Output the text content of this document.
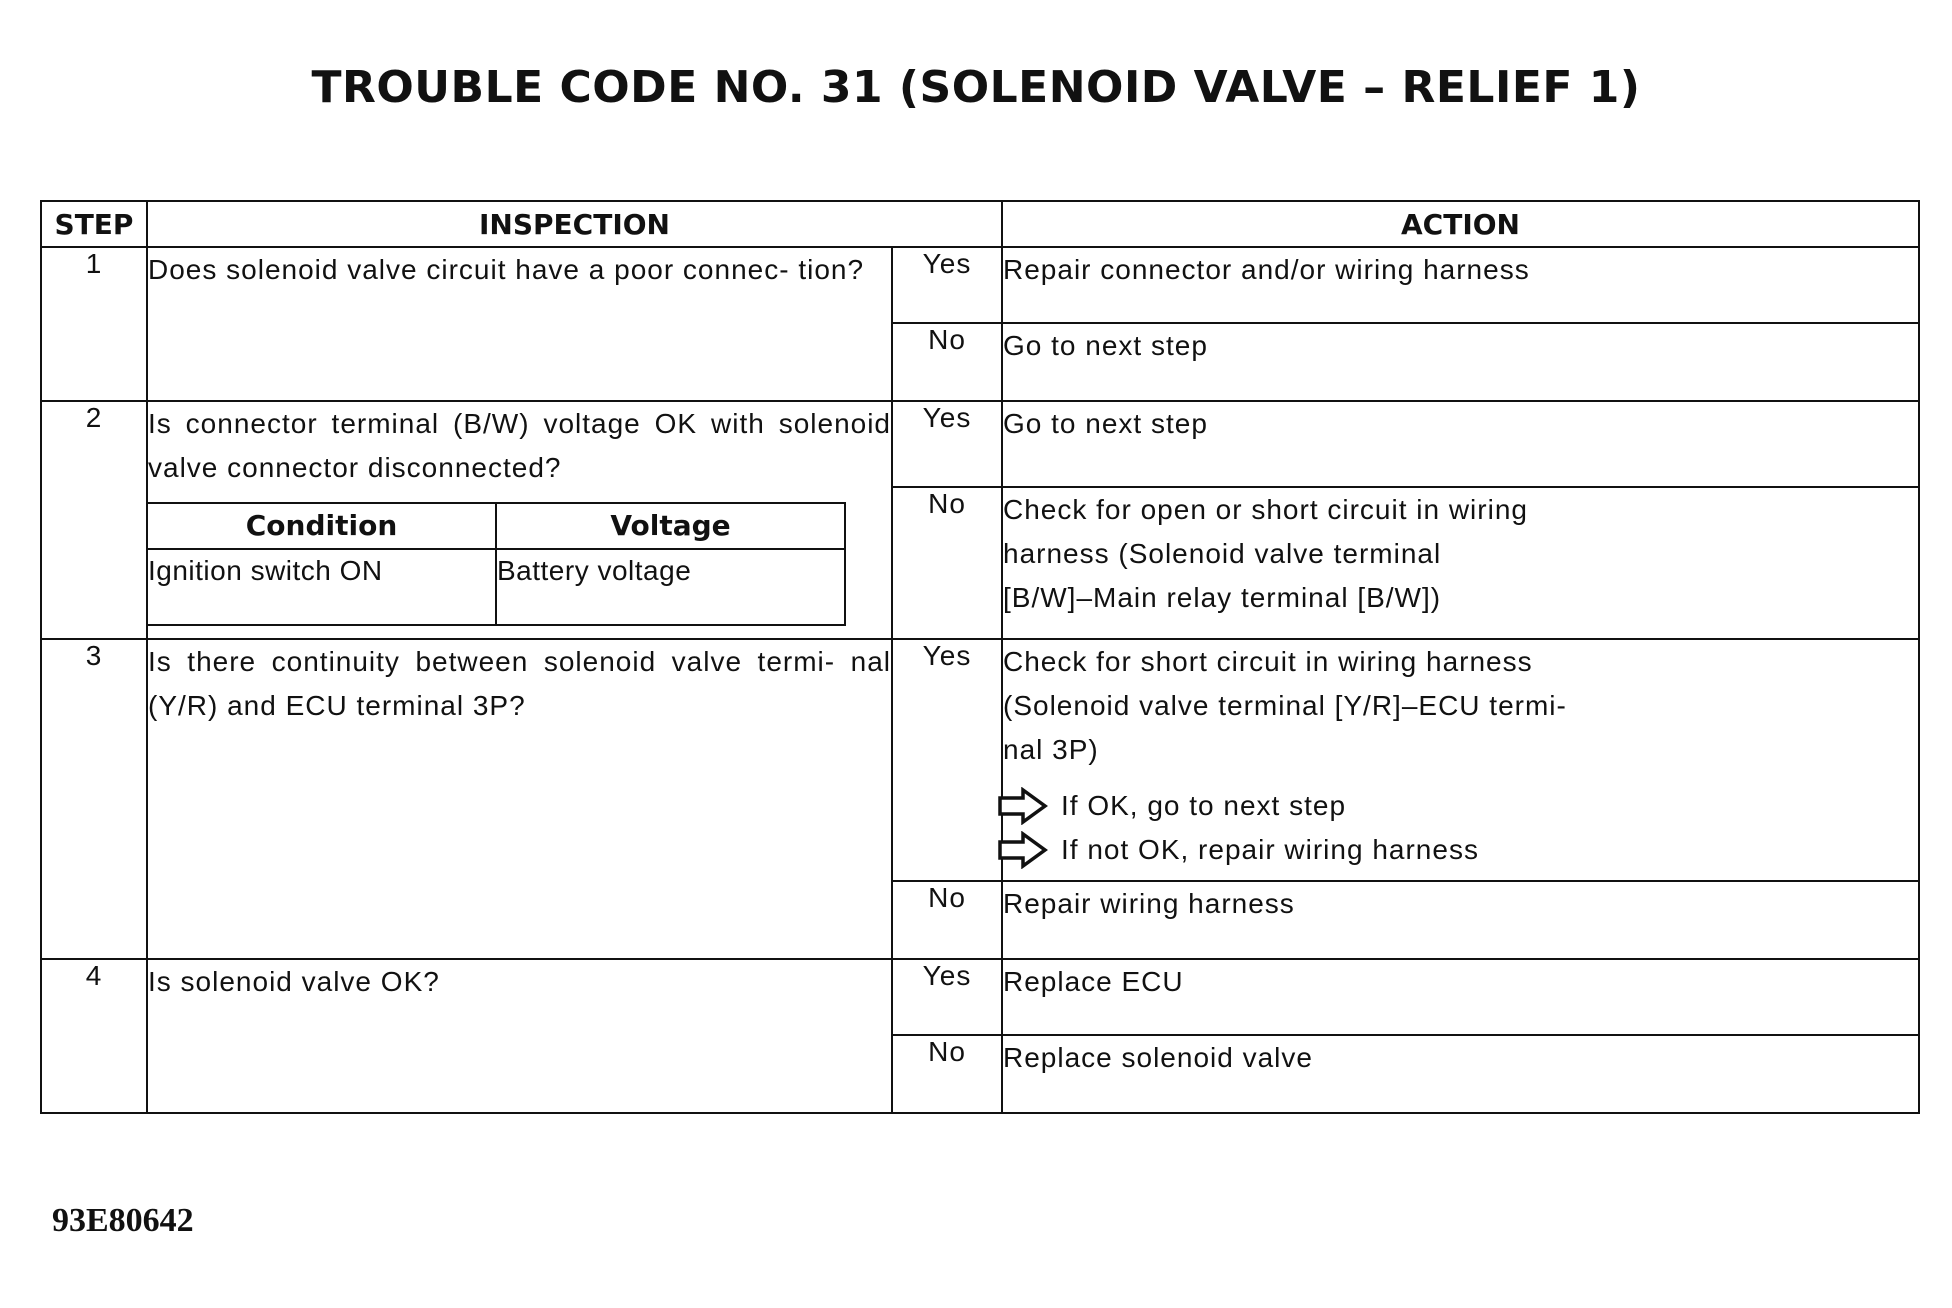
TROUBLE CODE NO. 31 (SOLENOID VALVE – RELIEF 1)
STEP	INSPECTION	ACTION
1	Does solenoid valve circuit have a poor connec- tion?	Yes	Repair connector and/or wiring harness
No	Go to next step
2	Is connector terminal (B/W) voltage OK with solenoid valve connector disconnected?
Condition	Voltage
Ignition switch ON	Battery voltage
	Yes	Go to next step
No	Check for open or short circuit in wiring
harness (Solenoid valve terminal
[B/W]–Main relay terminal [B/W])

3	Is there continuity between solenoid valve termi- nal (Y/R) and ECU terminal 3P?
	Yes	Check for short circuit in wiring harness
(Solenoid valve terminal [Y/R]–ECU termi-
nal 3P)
If OK, go to next step
If not OK, repair wiring harness

No	Repair wiring harness
4	Is solenoid valve OK?	Yes	Replace ECU
No	Replace solenoid valve
93E80642
